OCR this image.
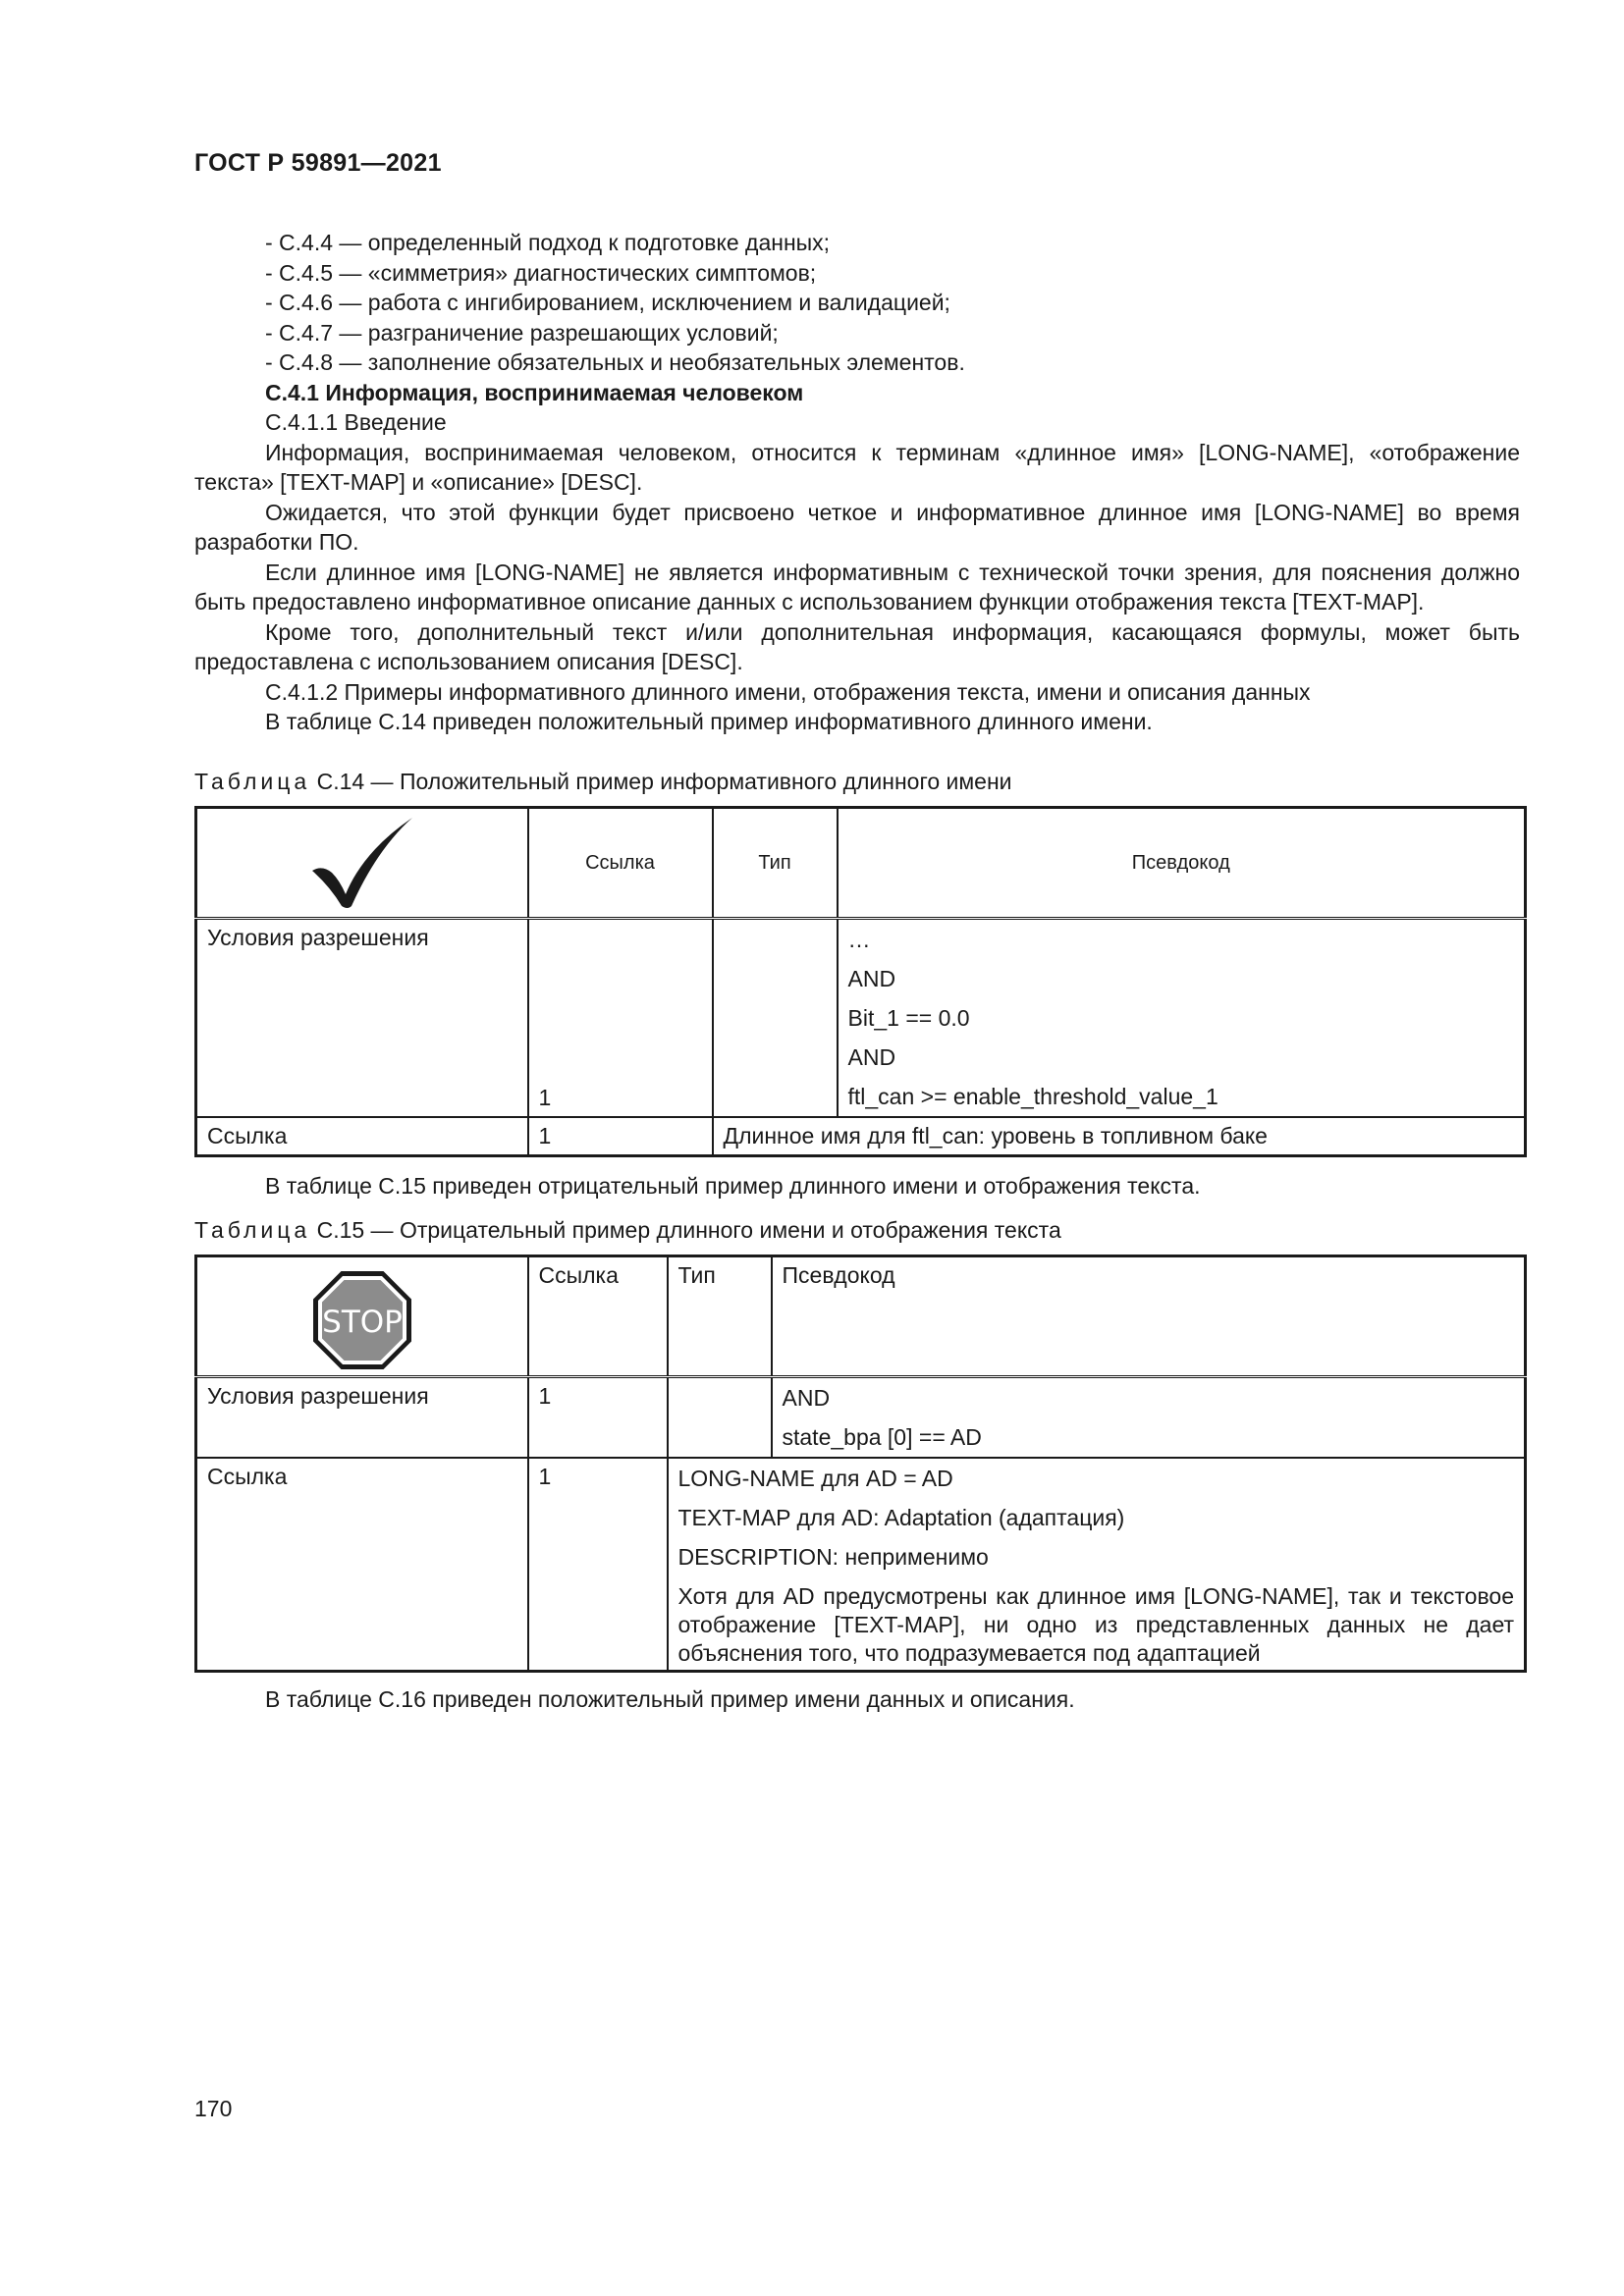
ГОСТ Р 59891—2021

- С.4.4 — определенный подход к подготовке данных;

- С.4.5 — «симметрия» диагностических симптомов;

- С.4.6 — работа с ингибированием, исключением и валидацией;

- С.4.7 — разграничение разрешающих условий;

- С.4.8 — заполнение обязательных и необязательных элементов.

С.4.1 Информация, воспринимаемая человеком

С.4.1.1 Введение

Информация, воспринимаемая человеком, относится к терминам «длинное имя» [LONG-NAME], «отображение текста» [TEXT-MAP] и «описание» [DESC].

Ожидается, что этой функции будет присвоено четкое и информативное длинное имя [LONG-NAME] во время разработки ПО.

Если длинное имя [LONG-NAME] не является информативным с технической точки зрения, для пояснения должно быть предоставлено информативное описание данных с использованием функции отображения текста [TEXT-MAP].

Кроме того, дополнительный текст и/или дополнительная информация, касающаяся формулы, может быть предоставлена с использованием описания [DESC].

С.4.1.2 Примеры информативного длинного имени, отображения текста, имени и описания данных

В таблице С.14 приведен положительный пример информативного длинного имени.

Таблица С.14 — Положительный пример информативного длинного имени

	Ссылка	Тип	Псевдокод
Условия разрешения	1		…
AND
Bit_1 == 0.0
AND
ftl_can >= enable_threshold_value_1

Ссылка	1	Длинное имя для ftl_can: уровень в топливном баке	

В таблице С.15 приведен отрицательный пример длинного имени и отображения текста.

Таблица С.15 — Отрицательный пример длинного имени и отображения текста

STOP	Ссылка	Тип	Псевдокод
Условия разрешения	1		AND
state_bpa [0] == AD

Ссылка	1	LONG-NAME для AD = AD
TEXT-MAP для AD: Adaptation (адаптация)
DESCRIPTION: неприменимо
Хотя для AD предусмотрены как длинное имя [LONG-NAME], так и текстовое отображение [TEXT-MAP], ни одно из представленных данных не дает объяснения того, что подразумевается под адаптацией	

В таблице С.16 приведен положительный пример имени данных и описания.

170
